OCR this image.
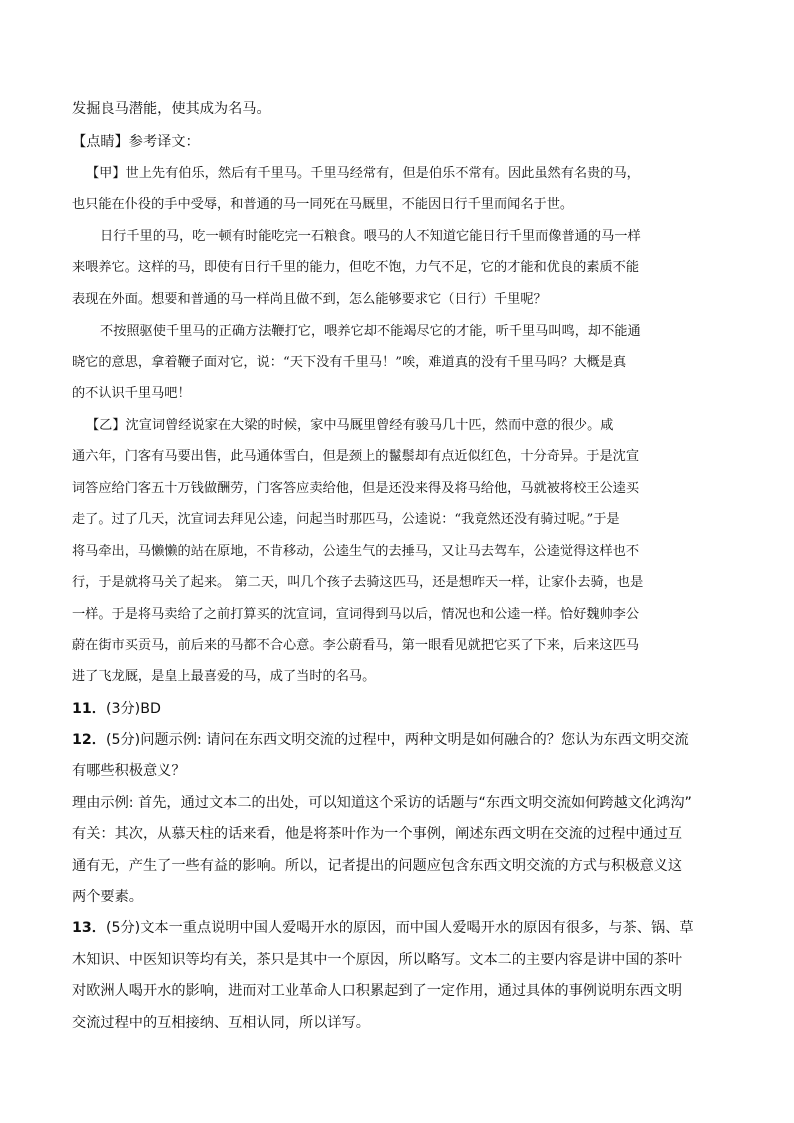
发掘良马潜能，使其成为名马。
【点睛】参考译文：
【甲】世上先有伯乐，然后有千里马。千里马经常有，但是伯乐不常有。因此虽然有名贵的马，
也只能在仆役的手中受辱，和普通的马一同死在马厩里，不能因日行千里而闻名于世。
日行千里的马，吃一顿有时能吃完一石粮食。喂马的人不知道它能日行千里而像普通的马一样
来喂养它。这样的马，即使有日行千里的能力，但吃不饱，力气不足，它的才能和优良的素质不能
表现在外面。想要和普通的马一样尚且做不到，怎么能够要求它（日行）千里呢？
不按照驱使千里马的正确方法鞭打它，喂养它却不能竭尽它的才能，听千里马叫鸣，却不能通
晓它的意思，拿着鞭子面对它，说：“天下没有千里马！”唉，难道真的没有千里马吗？大概是真
的不认识千里马吧！
【乙】沈宣词曾经说家在大梁的时候，家中马厩里曾经有骏马几十匹，然而中意的很少。咸
通六年，门客有马要出售，此马通体雪白，但是颈上的鬣鬃却有点近似红色，十分奇异。于是沈宣
词答应给门客五十万钱做酬劳，门客答应卖给他，但是还没来得及将马给他，马就被将校王公逵买
走了。过了几天，沈宣词去拜见公逵，问起当时那匹马，公逵说：“我竟然还没有骑过呢。”于是
将马牵出，马懒懒的站在原地，不肯移动，公逵生气的去捶马，又让马去驾车，公逵觉得这样也不
行，于是就将马关了起来。 第二天，叫几个孩子去骑这匹马，还是想昨天一样，让家仆去骑，也是
一样。于是将马卖给了之前打算买的沈宣词，宣词得到马以后，情况也和公逵一样。恰好魏帅李公
蔚在街市买贡马，前后来的马都不合心意。李公蔚看马，第一眼看见就把它买了下来，后来这匹马
进了飞龙厩，是皇上最喜爱的马，成了当时的名马。
11．(3分)BD
12．(5分)问题示例: 请问在东西文明交流的过程中，两种文明是如何融合的？您认为东西文明交流
有哪些积极意义？
理由示例: 首先，通过文本二的出处，可以知道这个采访的话题与“东西文明交流如何跨越文化鸿沟”
有关：其次，从慕天柱的话来看，他是将茶叶作为一个事例，阐述东西文明在交流的过程中通过互
通有无，产生了一些有益的影响。所以，记者提出的问题应包含东西文明交流的方式与积极意义这
两个要素。
13．(5分)文本一重点说明中国人爱喝开水的原因，而中国人爱喝开水的原因有很多，与茶、锅、草
木知识、中医知识等均有关，茶只是其中一个原因，所以略写。文本二的主要内容是讲中国的茶叶
对欧洲人喝开水的影响，进而对工业革命人口积累起到了一定作用，通过具体的事例说明东西文明
交流过程中的互相接纳、互相认同，所以详写。
